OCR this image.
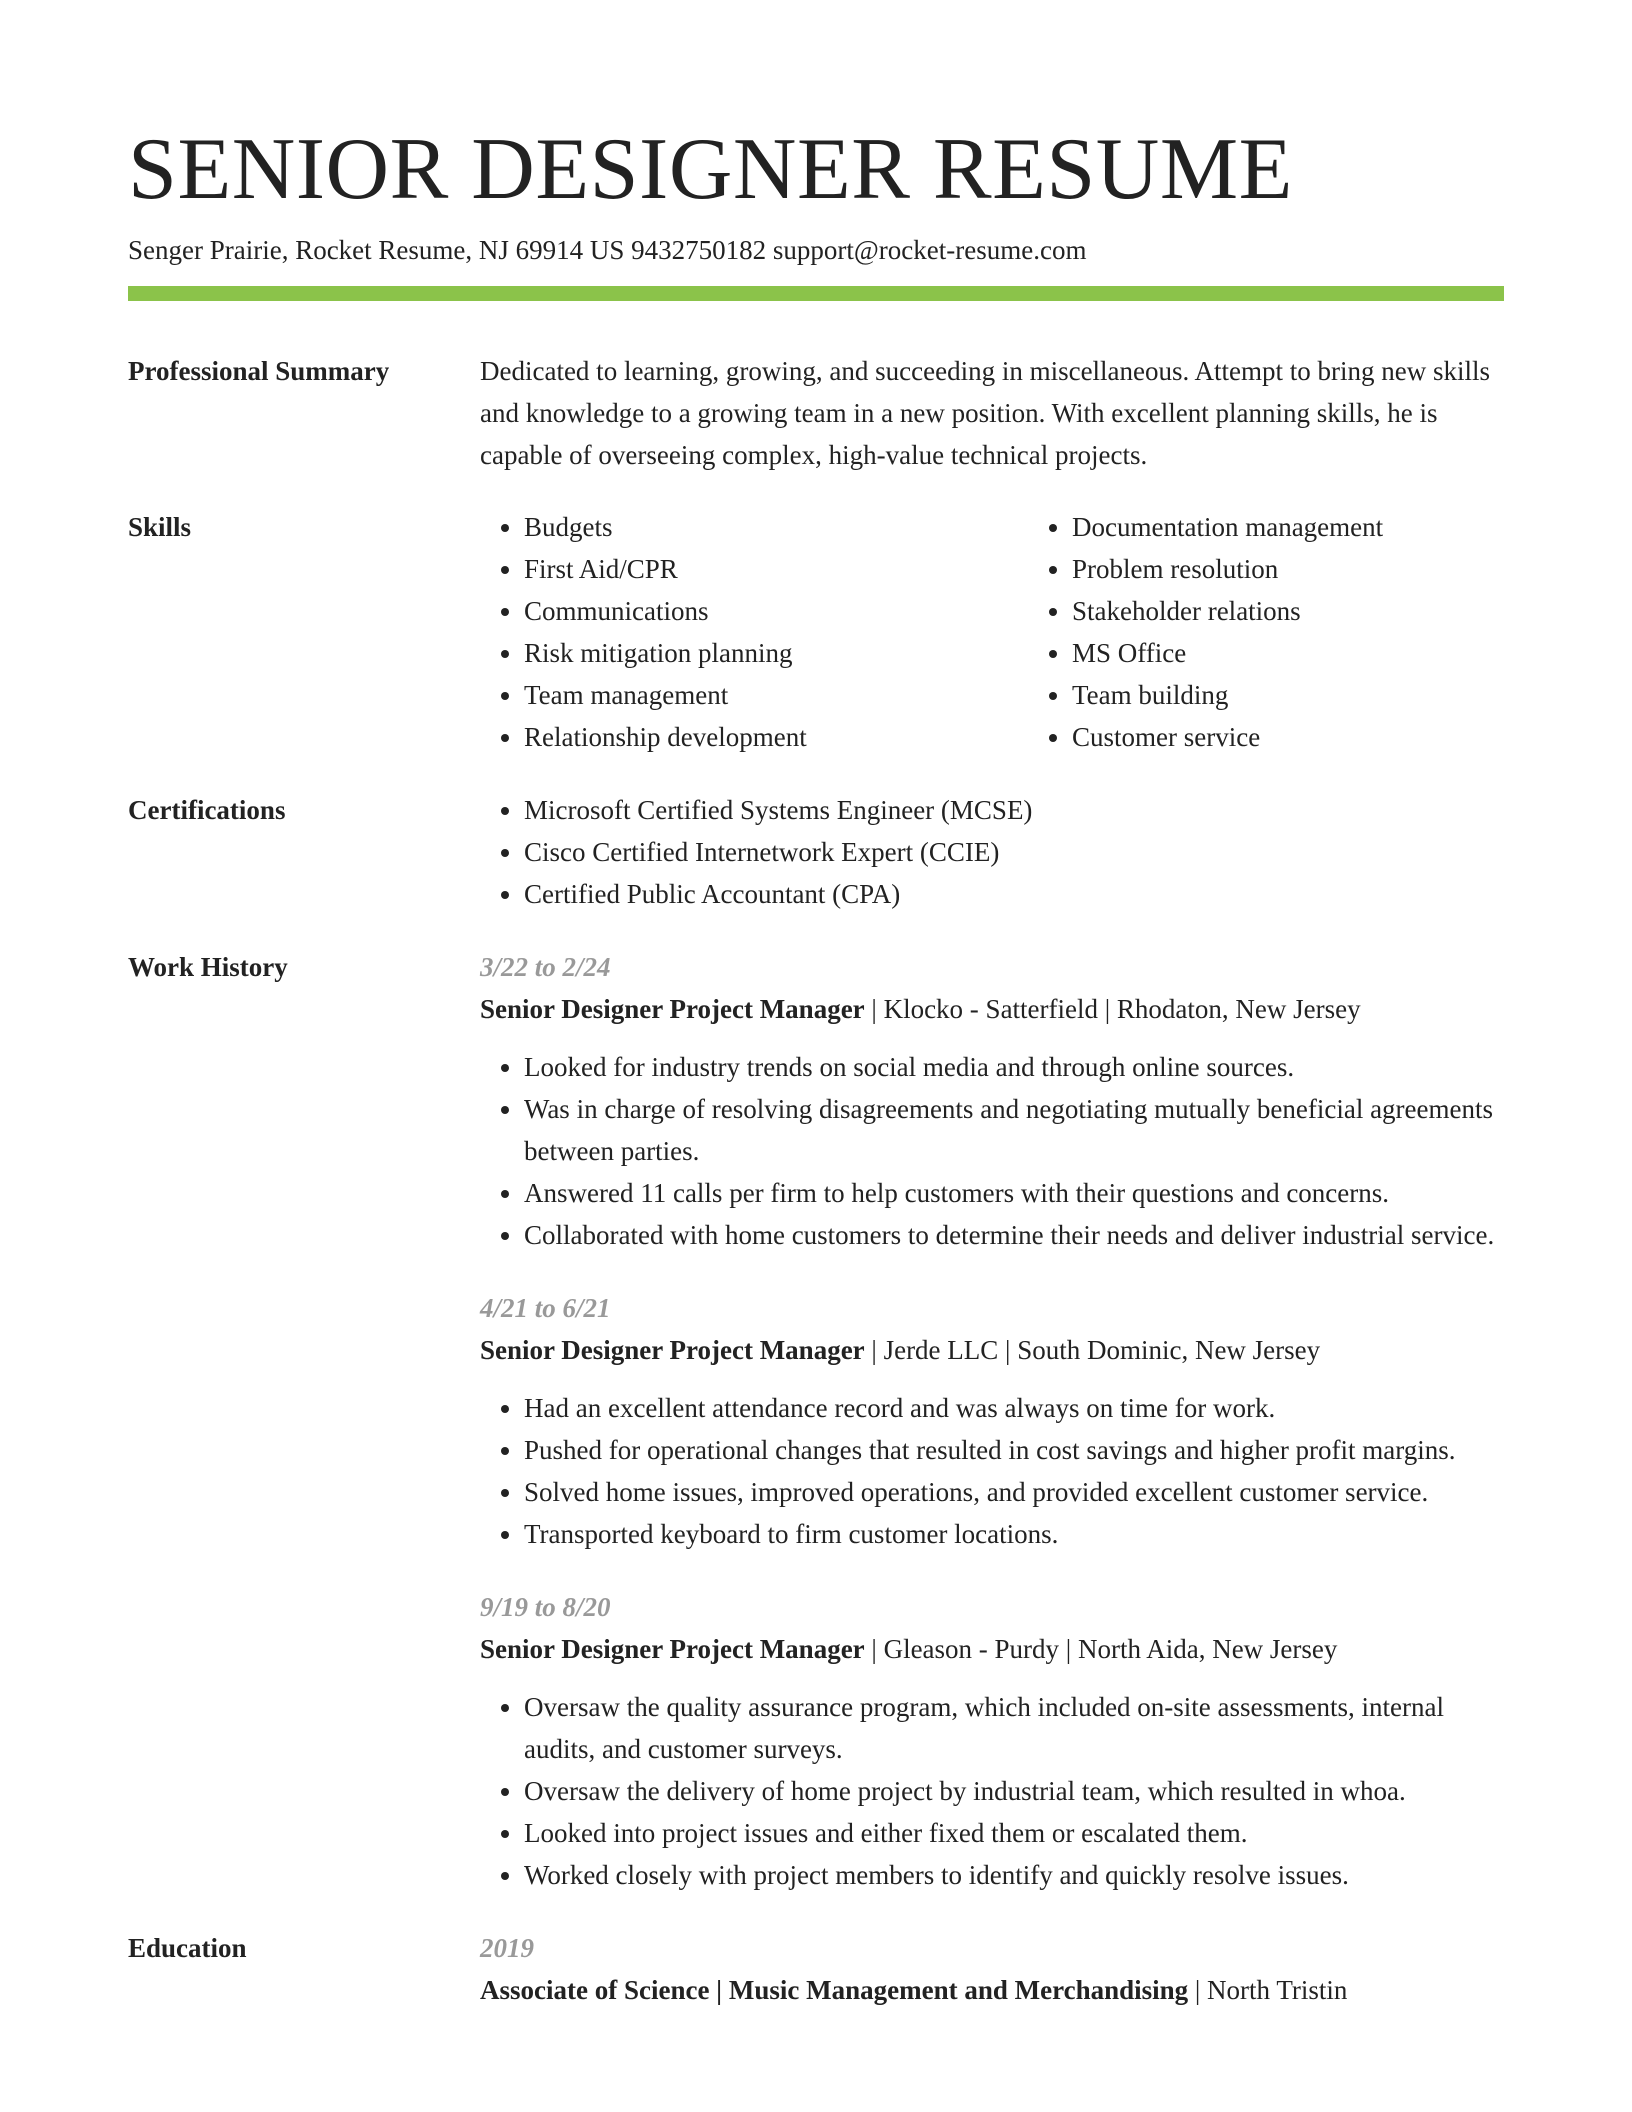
SENIOR DESIGNER RESUME
Senger Prairie, Rocket Resume, NJ 69914 US 9432750182 support@rocket-resume.com
Professional Summary	Dedicated to learning, growing, and succeeding in miscellaneous. Attempt to bring new skills and knowledge to a growing team in a new position. With excellent planning skills, he is capable of overseeing complex, high-value technical projects.

Skills	• Budgets
• First Aid/CPR
• Communications
• Risk mitigation planning
• Team management
• Relationship development
• Documentation management
• Problem resolution
• Stakeholder relations
• MS Office
• Team building
• Customer service
Certifications	• Microsoft Certified Systems Engineer (MCSE)
• Cisco Certified Internetwork Expert (CCIE)
• Certified Public Accountant (CPA)
Work History	3/22 to 2/24
Senior Designer Project Manager | Klocko - Satterfield | Rhodaton, New Jersey
• Looked for industry trends on social media and through online sources.
• Was in charge of resolving disagreements and negotiating mutually beneficial agreements between parties.
• Answered 11 calls per firm to help customers with their questions and concerns.
• Collaborated with home customers to determine their needs and deliver industrial service.
4/21 to 6/21
Senior Designer Project Manager | Jerde LLC | South Dominic, New Jersey
• Had an excellent attendance record and was always on time for work.
• Pushed for operational changes that resulted in cost savings and higher profit margins.
• Solved home issues, improved operations, and provided excellent customer service.
• Transported keyboard to firm customer locations.
9/19 to 8/20
Senior Designer Project Manager | Gleason - Purdy | North Aida, New Jersey
• Oversaw the quality assurance program, which included on-site assessments, internal audits, and customer surveys.
• Oversaw the delivery of home project by industrial team, which resulted in whoa.
• Looked into project issues and either fixed them or escalated them.
• Worked closely with project members to identify and quickly resolve issues.
Education	2019
Associate of Science | Music Management and Merchandising | North Tristin
